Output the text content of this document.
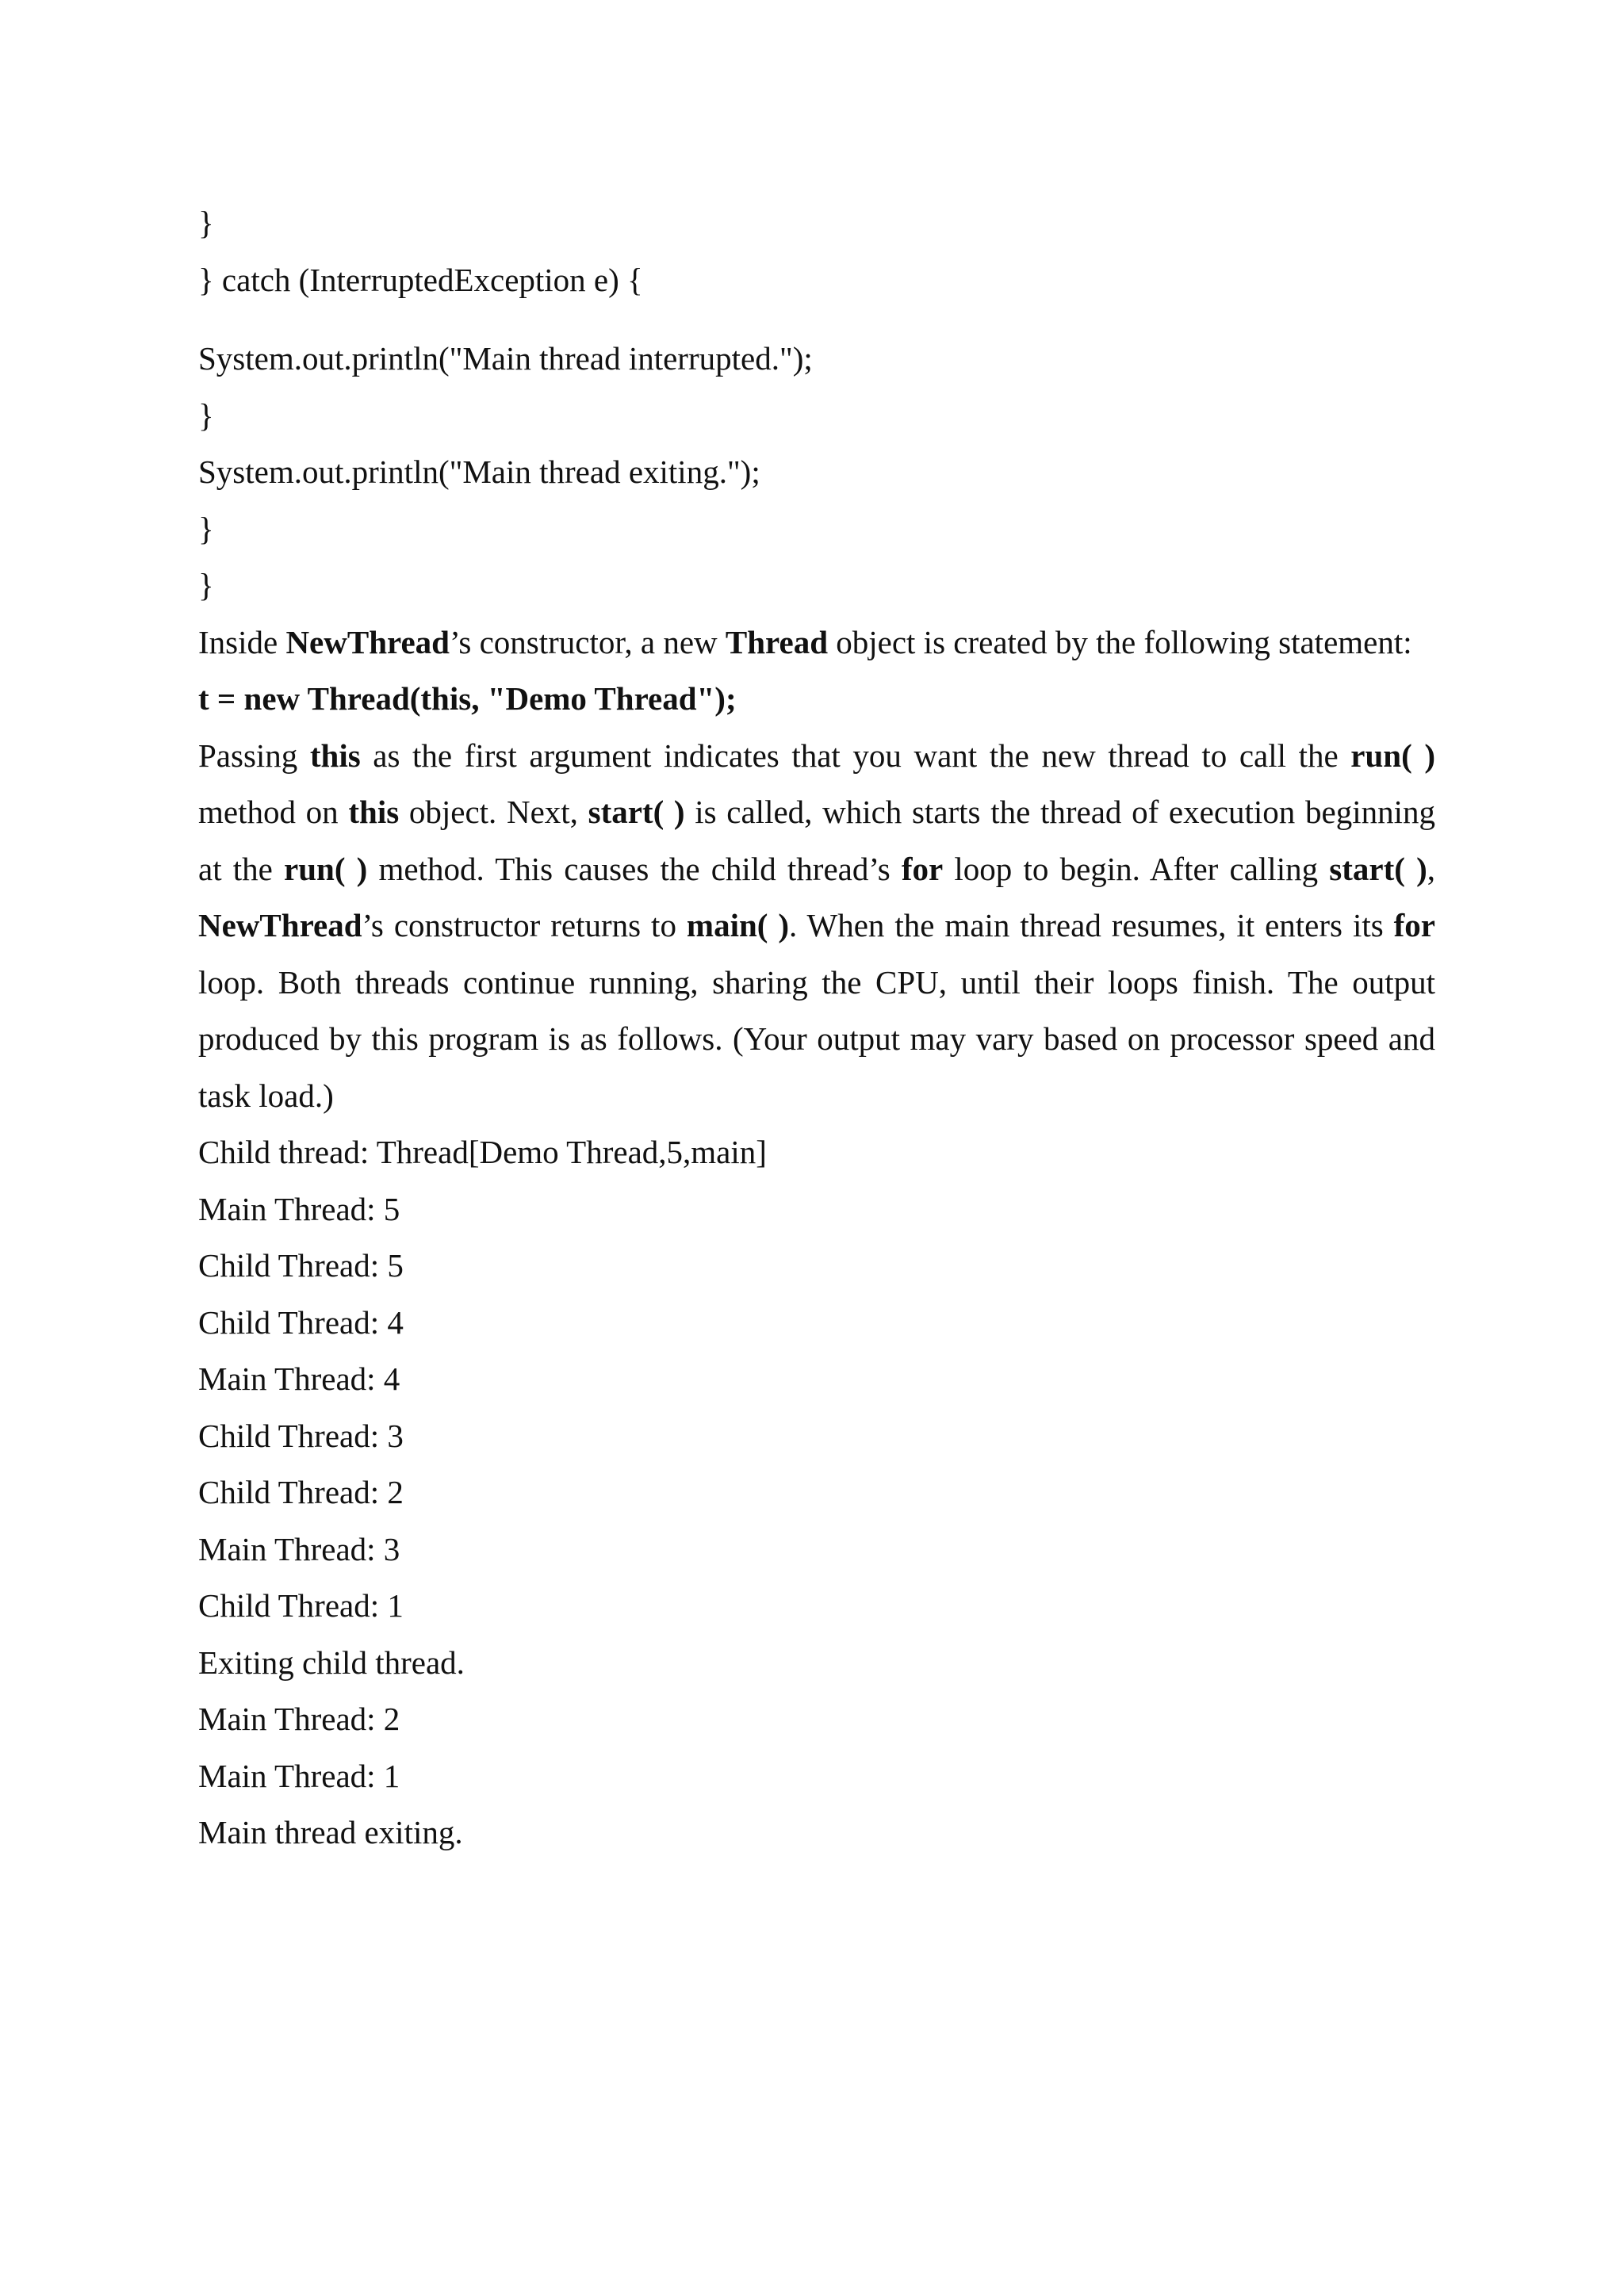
}
} catch (InterruptedException e) {
System.out.println("Main thread interrupted.");
}
System.out.println("Main thread exiting.");
}
}
Inside NewThread’s constructor, a new Thread object is created by the following statement:
t = new Thread(this, "Demo Thread");
Passing this as the first argument indicates that you want the new thread to call the run( ) method on this object. Next, start( ) is called, which starts the thread of execution beginning at the run( ) method. This causes the child thread’s for loop to begin. After calling start( ), NewThread’s constructor returns to main( ). When the main thread resumes, it enters its for loop. Both threads continue running, sharing the CPU, until their loops finish. The output produced by this program is as follows. (Your output may vary based on processor speed and task load.)
Child thread: Thread[Demo Thread,5,main]
Main Thread: 5
Child Thread: 5
Child Thread: 4
Main Thread: 4
Child Thread: 3
Child Thread: 2
Main Thread: 3
Child Thread: 1
Exiting child thread.
Main Thread: 2
Main Thread: 1
Main thread exiting.
